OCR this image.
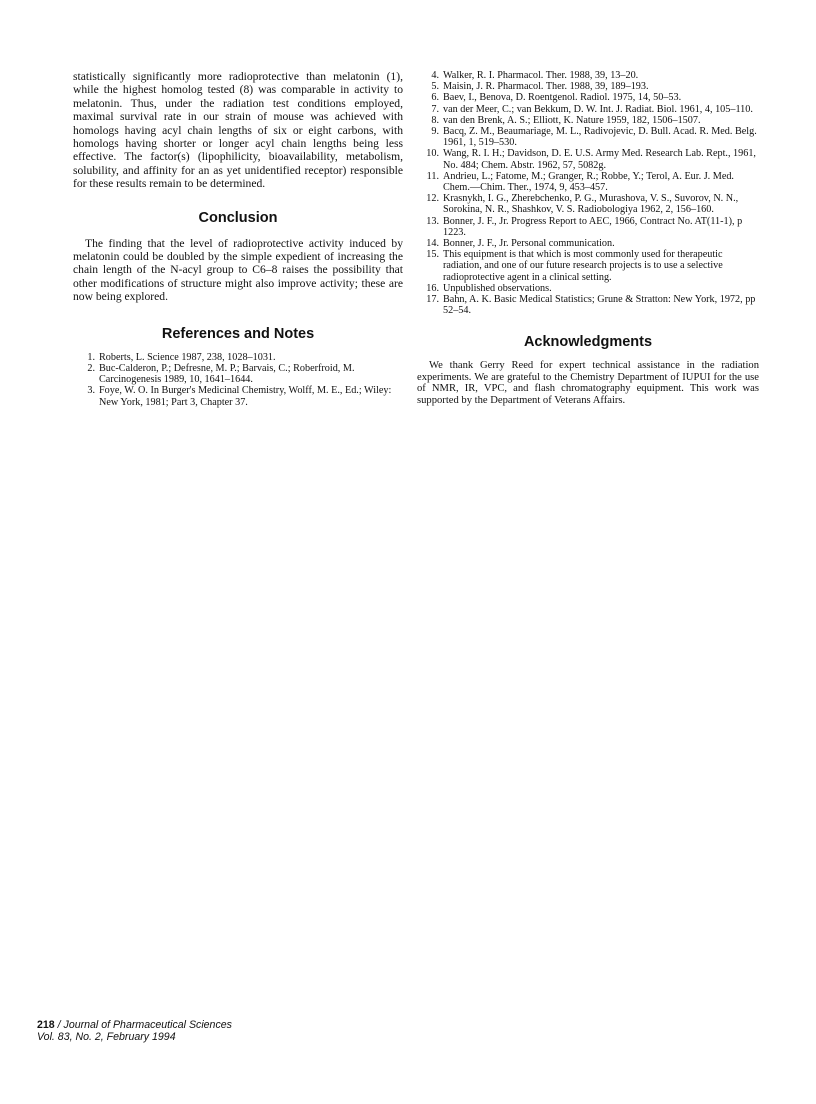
statistically significantly more radioprotective than melatonin (1), while the highest homolog tested (8) was comparable in activity to melatonin. Thus, under the radiation test conditions employed, maximal survival rate in our strain of mouse was achieved with homologs having acyl chain lengths of six or eight carbons, with homologs having shorter or longer acyl chain lengths being less effective. The factor(s) (lipophilicity, bioavailability, metabolism, solubility, and affinity for an as yet unidentified receptor) responsible for these results remain to be determined.

Conclusion

The finding that the level of radioprotective activity induced by melatonin could be doubled by the simple expedient of increasing the chain length of the N-acyl group to C6–8 raises the possibility that other modifications of structure might also improve activity; these are now being explored.

References and Notes
1. Roberts, L. Science 1987, 238, 1028–1031.
2. Buc-Calderon, P.; Defresne, M. P.; Barvais, C.; Roberfroid, M. Carcinogenesis 1989, 10, 1641–1644.
3. Foye, W. O. In Burger's Medicinal Chemistry, Wolff, M. E., Ed.; Wiley: New York, 1981; Part 3, Chapter 37.
4. Walker, R. I. Pharmacol. Ther. 1988, 39, 13–20.
5. Maisin, J. R. Pharmacol. Ther. 1988, 39, 189–193.
6. Baev, I., Benova, D. Roentgenol. Radiol. 1975, 14, 50–53.
7. van der Meer, C.; van Bekkum, D. W. Int. J. Radiat. Biol. 1961, 4, 105–110.
8. van den Brenk, A. S.; Elliott, K. Nature 1959, 182, 1506–1507.
9. Bacq, Z. M., Beaumariage, M. L., Radivojevic, D. Bull. Acad. R. Med. Belg. 1961, 1, 519–530.
10. Wang, R. I. H.; Davidson, D. E. U.S. Army Med. Research Lab. Rept., 1961, No. 484; Chem. Abstr. 1962, 57, 5082g.
11. Andrieu, L.; Fatome, M.; Granger, R.; Robbe, Y.; Terol, A. Eur. J. Med. Chem.—Chim. Ther., 1974, 9, 453–457.
12. Krasnykh, I. G., Zherebchenko, P. G., Murashova, V. S., Suvorov, N. N., Sorokina, N. R., Shashkov, V. S. Radiobologiya 1962, 2, 156–160.
13. Bonner, J. F., Jr. Progress Report to AEC, 1966, Contract No. AT(11-1), p 1223.
14. Bonner, J. F., Jr. Personal communication.
15. This equipment is that which is most commonly used for therapeutic radiation, and one of our future research projects is to use a selective radioprotective agent in a clinical setting.
16. Unpublished observations.
17. Bahn, A. K. Basic Medical Statistics; Grune & Stratton: New York, 1972, pp 52–54.
Acknowledgments

We thank Gerry Reed for expert technical assistance in the radiation experiments. We are grateful to the Chemistry Department of IUPUI for the use of NMR, IR, VPC, and flash chromatography equipment. This work was supported by the Department of Veterans Affairs.

218 / Journal of Pharmaceutical Sciences
Vol. 83, No. 2, February 1994
